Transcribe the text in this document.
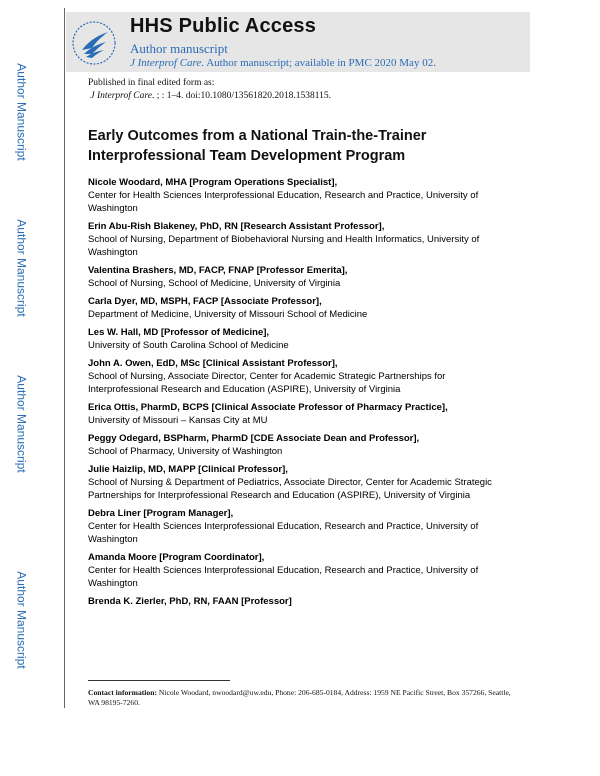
Author Manuscript
Author Manuscript
Author Manuscript
Author Manuscript
HHS Public Access
Author manuscript
J Interprof Care. Author manuscript; available in PMC 2020 May 02.
Published in final edited form as:
J Interprof Care. ; : 1–4. doi:10.1080/13561820.2018.1538115.
Early Outcomes from a National Train-the-Trainer Interprofessional Team Development Program
Nicole Woodard, MHA [Program Operations Specialist],
Center for Health Sciences Interprofessional Education, Research and Practice, University of Washington
Erin Abu-Rish Blakeney, PhD, RN [Research Assistant Professor],
School of Nursing, Department of Biobehavioral Nursing and Health Informatics, University of Washington
Valentina Brashers, MD, FACP, FNAP [Professor Emerita],
School of Nursing, School of Medicine, University of Virginia
Carla Dyer, MD, MSPH, FACP [Associate Professor],
Department of Medicine, University of Missouri School of Medicine
Les W. Hall, MD [Professor of Medicine],
University of South Carolina School of Medicine
John A. Owen, EdD, MSc [Clinical Assistant Professor],
School of Nursing, Associate Director, Center for Academic Strategic Partnerships for Interprofessional Research and Education (ASPIRE), University of Virginia
Erica Ottis, PharmD, BCPS [Clinical Associate Professor of Pharmacy Practice],
University of Missouri – Kansas City at MU
Peggy Odegard, BSPharm, PharmD [CDE Associate Dean and Professor],
School of Pharmacy, University of Washington
Julie Haizlip, MD, MAPP [Clinical Professor],
School of Nursing & Department of Pediatrics, Associate Director, Center for Academic Strategic Partnerships for Interprofessional Research and Education (ASPIRE), University of Virginia
Debra Liner [Program Manager],
Center for Health Sciences Interprofessional Education, Research and Practice, University of Washington
Amanda Moore [Program Coordinator],
Center for Health Sciences Interprofessional Education, Research and Practice, University of Washington
Brenda K. Zierler, PhD, RN, FAAN [Professor]
Contact information: Nicole Woodard, nwoodard@uw.edu, Phone: 206-685-0184, Address: 1959 NE Pacific Street, Box 357266, Seattle, WA 98195-7260.
